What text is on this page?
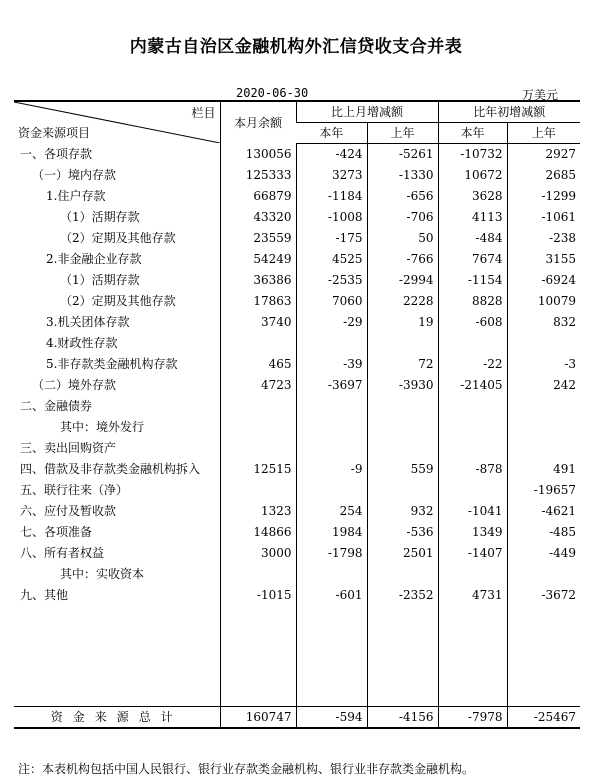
内蒙古自治区金融机构外汇信贷收支合并表
2020-06-30	万美元
栏目
资金来源项目	本月余额	比上月增减额		比年初增减额	
		本年	上年	本年	上年
一、各项存款	130056	-424	-5261	-10732	2927
（一）境内存款	125333	3273	-1330	10672	2685
1.住户存款	66879	-1184	-656	3628	-1299
（1）活期存款	43320	-1008	-706	4113	-1061
（2）定期及其他存款	23559	-175	50	-484	-238
2.非金融企业存款	54249	4525	-766	7674	3155
（1）活期存款	36386	-2535	-2994	-1154	-6924
（2）定期及其他存款	17863	7060	2228	8828	10079
3.机关团体存款	3740	-29	19	-608	832
4.财政性存款					
5.非存款类金融机构存款	465	-39	72	-22	-3
（二）境外存款	4723	-3697	-3930	-21405	242
二、金融债券					
其中：境外发行					
三、卖出回购资产					
四、借款及非存款类金融机构拆入	12515	-9	559	-878	491
五、联行往来（净）					-19657
六、应付及暂收款	1323	254	932	-1041	-4621
七、各项准备	14866	1984	-536	1349	-485
八、所有者权益	3000	-1798	2501	-1407	-449
其中：实收资本					
九、其他	-1015	-601	-2352	4731	-3672

资金来源总计	160747	-594	-4156	-7978	-25467
注：本表机构包括中国人民银行、银行业存款类金融机构、银行业非存款类金融机构。
